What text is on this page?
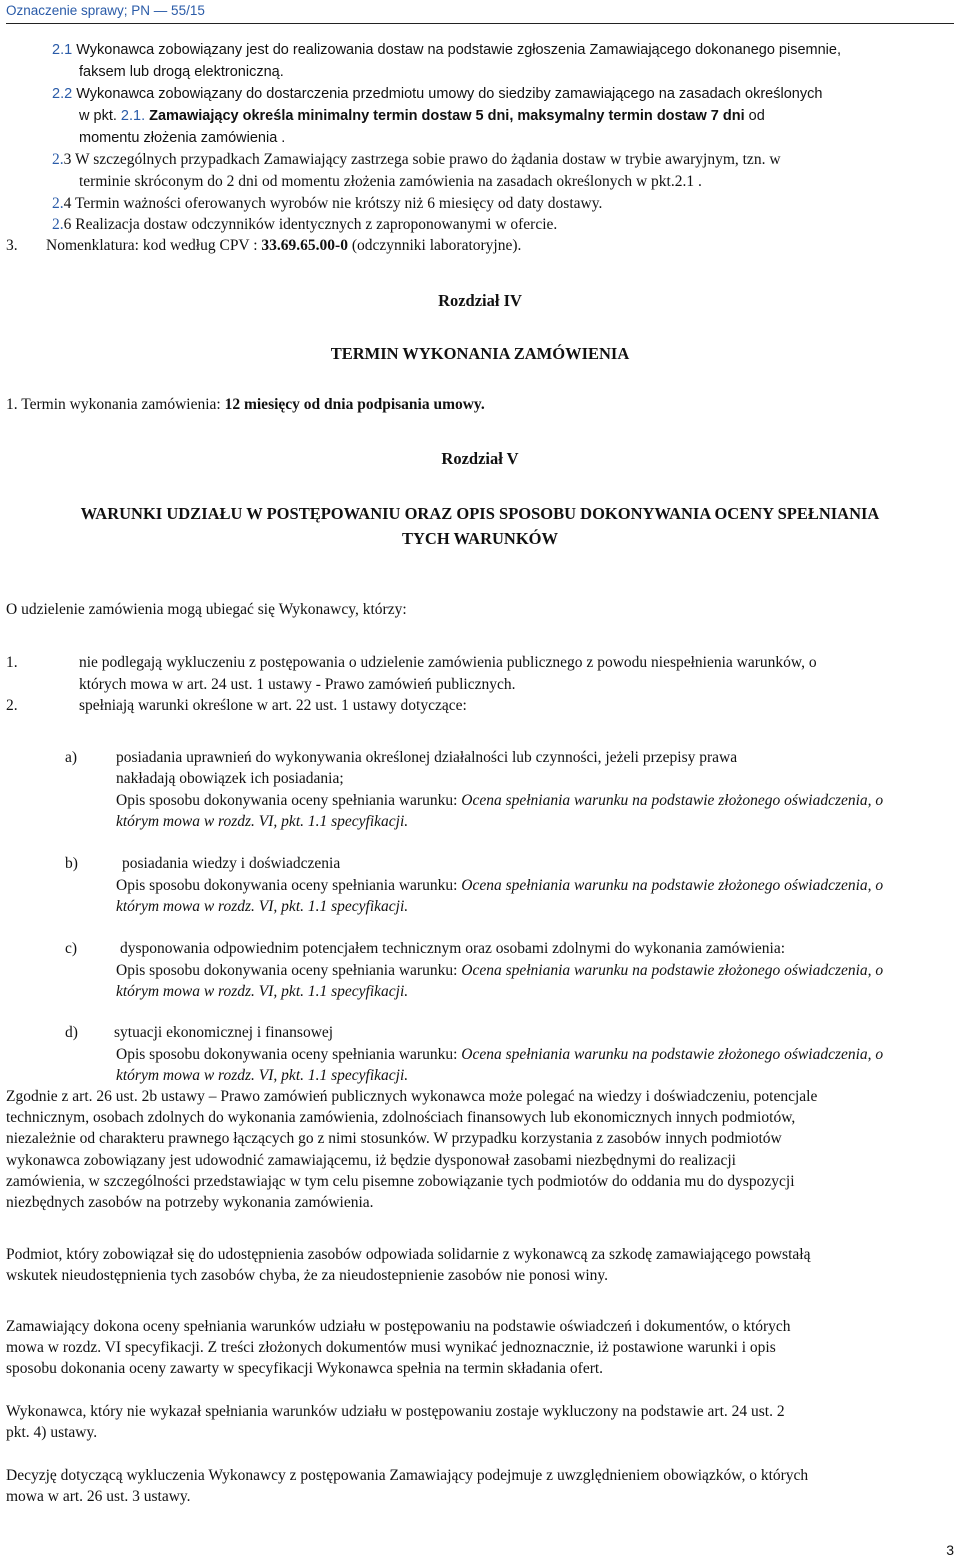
Oznaczenie sprawy; PN — 55/15
2.1 Wykonawca zobowiązany jest do realizowania dostaw na podstawie zgłoszenia Zamawiającego dokonanego pisemnie,
faksem lub drogą elektroniczną.
2.2 Wykonawca zobowiązany do dostarczenia przedmiotu umowy do siedziby zamawiającego na zasadach określonych
w pkt. 2.1. Zamawiający określa minimalny termin dostaw 5 dni, maksymalny termin dostaw 7 dni od
momentu złożenia zamówienia .
2.3 W szczególnych przypadkach Zamawiający zastrzega sobie prawo do żądania dostaw w trybie awaryjnym, tzn. w
terminie skróconym do 2 dni od momentu złożenia zamówienia na zasadach określonych w pkt.2.1 .
2.4 Termin ważności oferowanych wyrobów nie krótszy niż 6 miesięcy od daty dostawy.
2.6 Realizacja dostaw odczynników identycznych z zaproponowanymi w ofercie.
3. Nomenklatura: kod według CPV : 33.69.65.00-0 (odczynniki laboratoryjne).
Rozdział IV
TERMIN WYKONANIA ZAMÓWIENIA
1. Termin wykonania zamówienia: 12 miesięcy od dnia podpisania umowy.
Rozdział V
WARUNKI UDZIAŁU W POSTĘPOWANIU ORAZ OPIS SPOSOBU DOKONYWANIA OCENY SPEŁNIANIA
TYCH WARUNKÓW
O udzielenie zamówienia mogą ubiegać się Wykonawcy, którzy:
1.	nie podlegają wykluczeniu z postępowania o udzielenie zamówienia publicznego z powodu niespełnienia warunków, o
których mowa w art. 24 ust. 1 ustawy - Prawo zamówień publicznych.
2.	spełniają warunki określone w art. 22 ust. 1 ustawy dotyczące:
a)	posiadania uprawnień do wykonywania określonej działalności lub czynności, jeżeli przepisy prawa
nakładają obowiązek ich posiadania;
Opis sposobu dokonywania oceny spełniania warunku: Ocena spełniania warunku na podstawie złożonego oświadczenia, o
którym mowa w rozdz. VI, pkt. 1.1 specyfikacji.
b)	posiadania wiedzy i doświadczenia
Opis sposobu dokonywania oceny spełniania warunku: Ocena spełniania warunku na podstawie złożonego oświadczenia, o
którym mowa w rozdz. VI, pkt. 1.1 specyfikacji.
c)	dysponowania odpowiednim potencjałem technicznym oraz osobami zdolnymi do wykonania zamówienia:
Opis sposobu dokonywania oceny spełniania warunku: Ocena spełniania warunku na podstawie złożonego oświadczenia, o
którym mowa w rozdz. VI, pkt. 1.1 specyfikacji.
d) sytuacji ekonomicznej i finansowej
Opis sposobu dokonywania oceny spełniania warunku: Ocena spełniania warunku na podstawie złożonego oświadczenia, o
którym mowa w rozdz. VI, pkt. 1.1 specyfikacji.
Zgodnie z art. 26 ust. 2b ustawy – Prawo zamówień publicznych wykonawca może polegać na wiedzy i doświadczeniu, potencjale
technicznym, osobach zdolnych do wykonania zamówienia, zdolnościach finansowych lub ekonomicznych innych podmiotów,
niezależnie od charakteru prawnego łączących go z nimi stosunków. W przypadku korzystania z zasobów innych podmiotów
wykonawca zobowiązany jest udowodnić zamawiającemu, iż będzie dysponował zasobami niezbędnymi do realizacji
zamówienia, w szczególności przedstawiając w tym celu pisemne zobowiązanie tych podmiotów do oddania mu do dyspozycji
niezbędnych zasobów na potrzeby wykonania zamówienia.
Podmiot, który zobowiązał się do udostępnienia zasobów odpowiada solidarnie z wykonawcą za szkodę zamawiającego powstałą
wskutek nieudostępnienia tych zasobów chyba, że za nieudostepnienie zasobów nie ponosi winy.
Zamawiający dokona oceny spełniania warunków udziału w postępowaniu na podstawie oświadczeń i dokumentów, o których
mowa w rozdz. VI specyfikacji. Z treści złożonych dokumentów musi wynikać jednoznacznie, iż postawione warunki i opis
sposobu dokonania oceny zawarty w specyfikacji Wykonawca spełnia na termin składania ofert.
Wykonawca, który nie wykazał spełniania warunków udziału w postępowaniu zostaje wykluczony na podstawie art. 24 ust. 2
pkt. 4) ustawy.
Decyzję dotyczącą wykluczenia Wykonawcy z postępowania Zamawiający podejmuje z uwzględnieniem obowiązków, o których
mowa w art. 26 ust. 3 ustawy.
3
